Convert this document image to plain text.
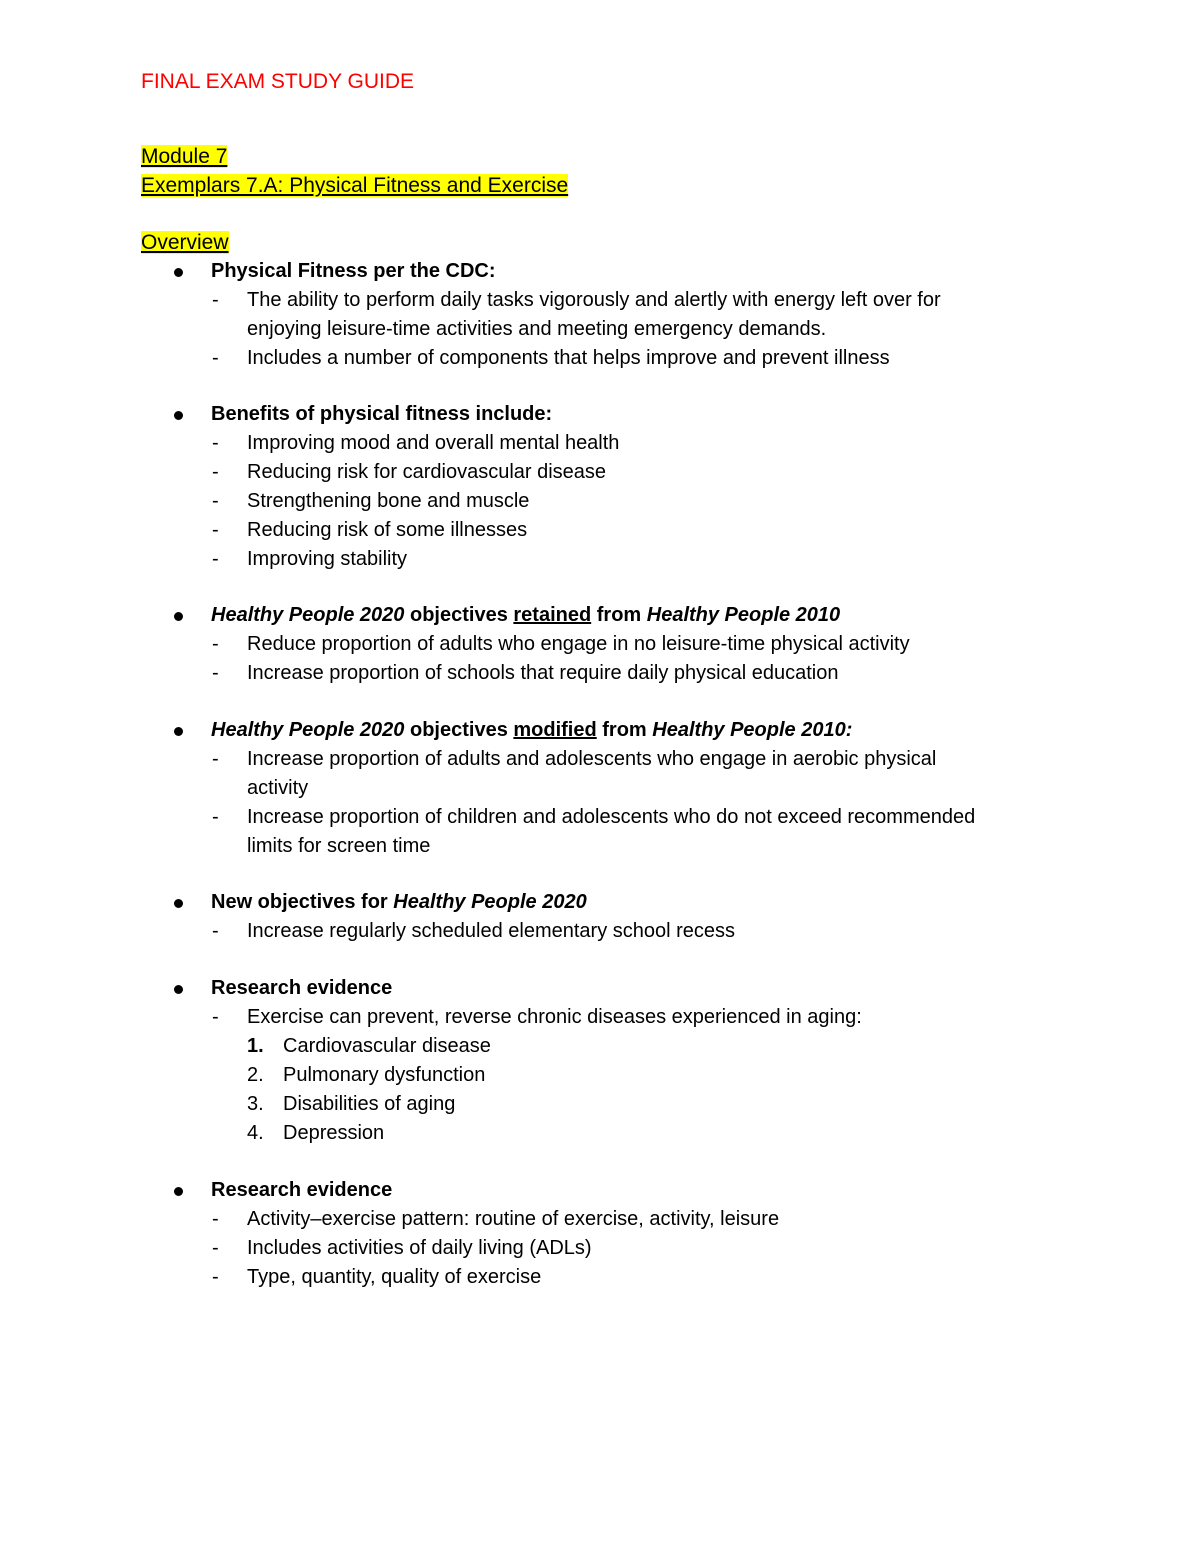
FINAL EXAM STUDY GUIDE
Module 7
Exemplars 7.A: Physical Fitness and Exercise
Overview
Physical Fitness per the CDC:
- The ability to perform daily tasks vigorously and alertly with energy left over for
enjoying leisure-time activities and meeting emergency demands.
- Includes a number of components that helps improve and prevent illness
Benefits of physical fitness include:
- Improving mood and overall mental health
- Reducing risk for cardiovascular disease
- Strengthening bone and muscle
- Reducing risk of some illnesses
- Improving stability
Healthy People 2020 objectives retained from Healthy People 2010
- Reduce proportion of adults who engage in no leisure-time physical activity
- Increase proportion of schools that require daily physical education
Healthy People 2020 objectives modified from Healthy People 2010:
- Increase proportion of adults and adolescents who engage in aerobic physical
activity
- Increase proportion of children and adolescents who do not exceed recommended
limits for screen time
New objectives for Healthy People 2020
- Increase regularly scheduled elementary school recess
Research evidence
- Exercise can prevent, reverse chronic diseases experienced in aging:
1. Cardiovascular disease
2. Pulmonary dysfunction
3. Disabilities of aging
4. Depression
Research evidence
- Activity–exercise pattern: routine of exercise, activity, leisure
- Includes activities of daily living (ADLs)
- Type, quantity, quality of exercise
